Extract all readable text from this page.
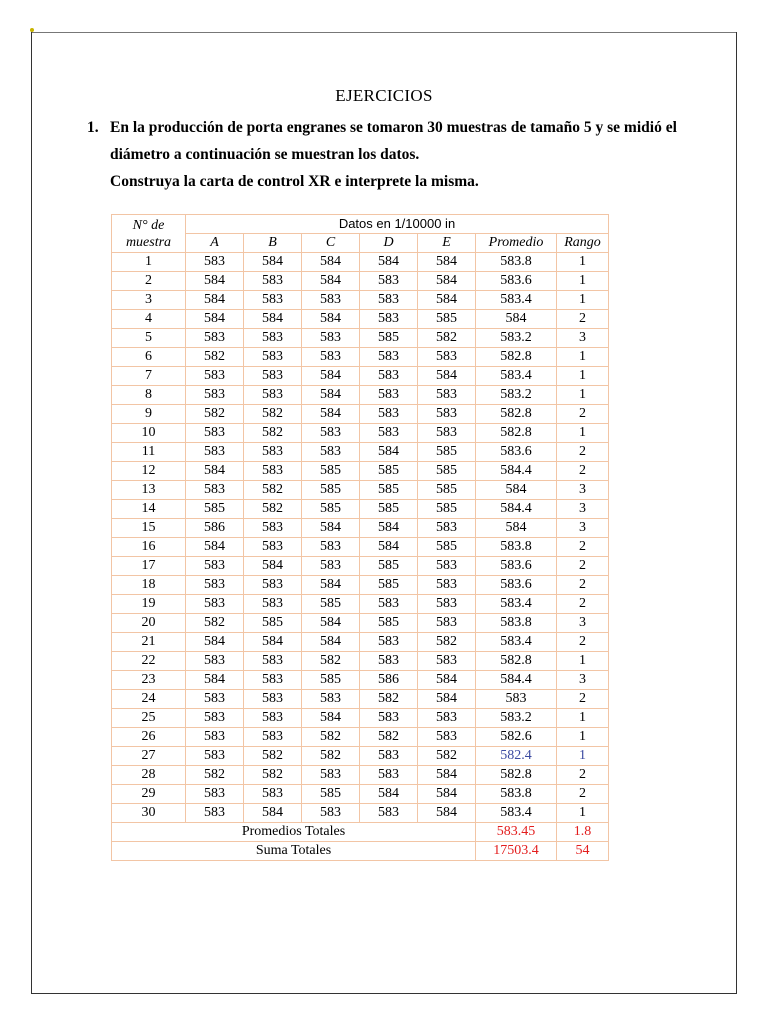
EJERCICIOS
1. En la producción de porta engranes se tomaron 30 muestras de tamaño 5 y se midió el
diámetro a continuación se muestran los datos.
Construya la carta de control XR e interprete la misma.
N° de
muestra	Datos en 1/10000 in						
	A	B	C	D	E	Promedio	Rango
1	583	584	584	584	584	583.8	1
2	584	583	584	583	584	583.6	1
3	584	583	583	583	584	583.4	1
4	584	584	584	583	585	584	2
5	583	583	583	585	582	583.2	3
6	582	583	583	583	583	582.8	1
7	583	583	584	583	584	583.4	1
8	583	583	584	583	583	583.2	1
9	582	582	584	583	583	582.8	2
10	583	582	583	583	583	582.8	1
11	583	583	583	584	585	583.6	2
12	584	583	585	585	585	584.4	2
13	583	582	585	585	585	584	3
14	585	582	585	585	585	584.4	3
15	586	583	584	584	583	584	3
16	584	583	583	584	585	583.8	2
17	583	584	583	585	583	583.6	2
18	583	583	584	585	583	583.6	2
19	583	583	585	583	583	583.4	2
20	582	585	584	585	583	583.8	3
21	584	584	584	583	582	583.4	2
22	583	583	582	583	583	582.8	1
23	584	583	585	586	584	584.4	3
24	583	583	583	582	584	583	2
25	583	583	584	583	583	583.2	1
26	583	583	582	582	583	582.6	1
27	583	582	582	583	582	582.4	1
28	582	582	583	583	584	582.8	2
29	583	583	585	584	584	583.8	2
30	583	584	583	583	584	583.4	1
Promedios Totales						583.45	1.8
Suma Totales						17503.4	54
